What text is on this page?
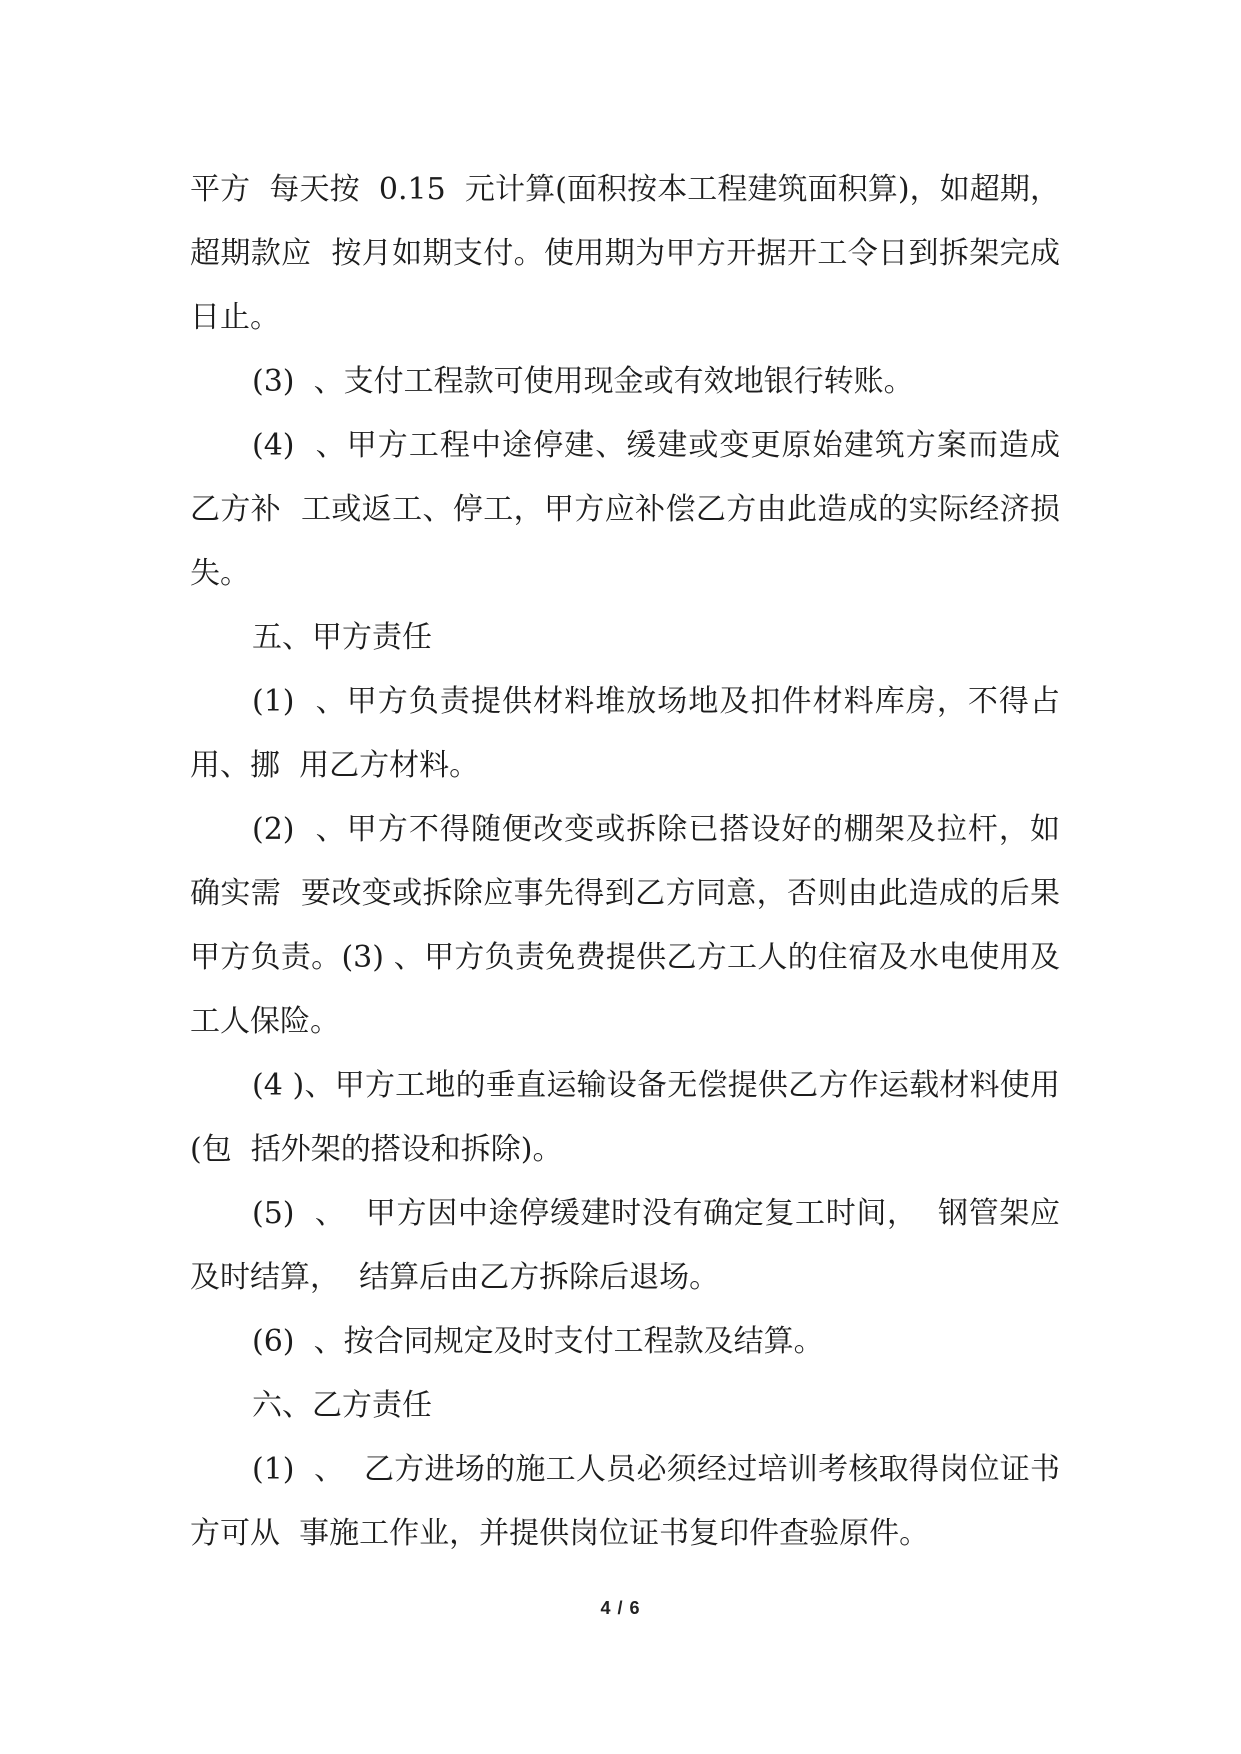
平方  每天按  0.15  元计算(面积按本工程建筑面积算)，如超期，超期款应  按月如期支付。使用期为甲方开据开工令日到拆架完成日止。

(3)  、支付工程款可使用现金或有效地银行转账。

(4)  、甲方工程中途停建、缓建或变更原始建筑方案而造成乙方补  工或返工、停工，甲方应补偿乙方由此造成的实际经济损失。

五、甲方责任

(1)  、甲方负责提供材料堆放场地及扣件材料库房，不得占用、挪  用乙方材料。

(2)  、甲方不得随便改变或拆除已搭设好的棚架及拉杆，如确实需  要改变或拆除应事先得到乙方同意，否则由此造成的后果甲方负责。(3) 、甲方负责免费提供乙方工人的住宿及水电使用及工人保险。

(4 )、甲方工地的垂直运输设备无偿提供乙方作运载材料使用(包  括外架的搭设和拆除)。

(5)  、  甲方因中途停缓建时没有确定复工时间，  钢管架应及时结算，  结算后由乙方拆除后退场。

(6)  、按合同规定及时支付工程款及结算。

六、乙方责任

(1)  、  乙方进场的施工人员必须经过培训考核取得岗位证书方可从  事施工作业，并提供岗位证书复印件查验原件。

4 / 6
